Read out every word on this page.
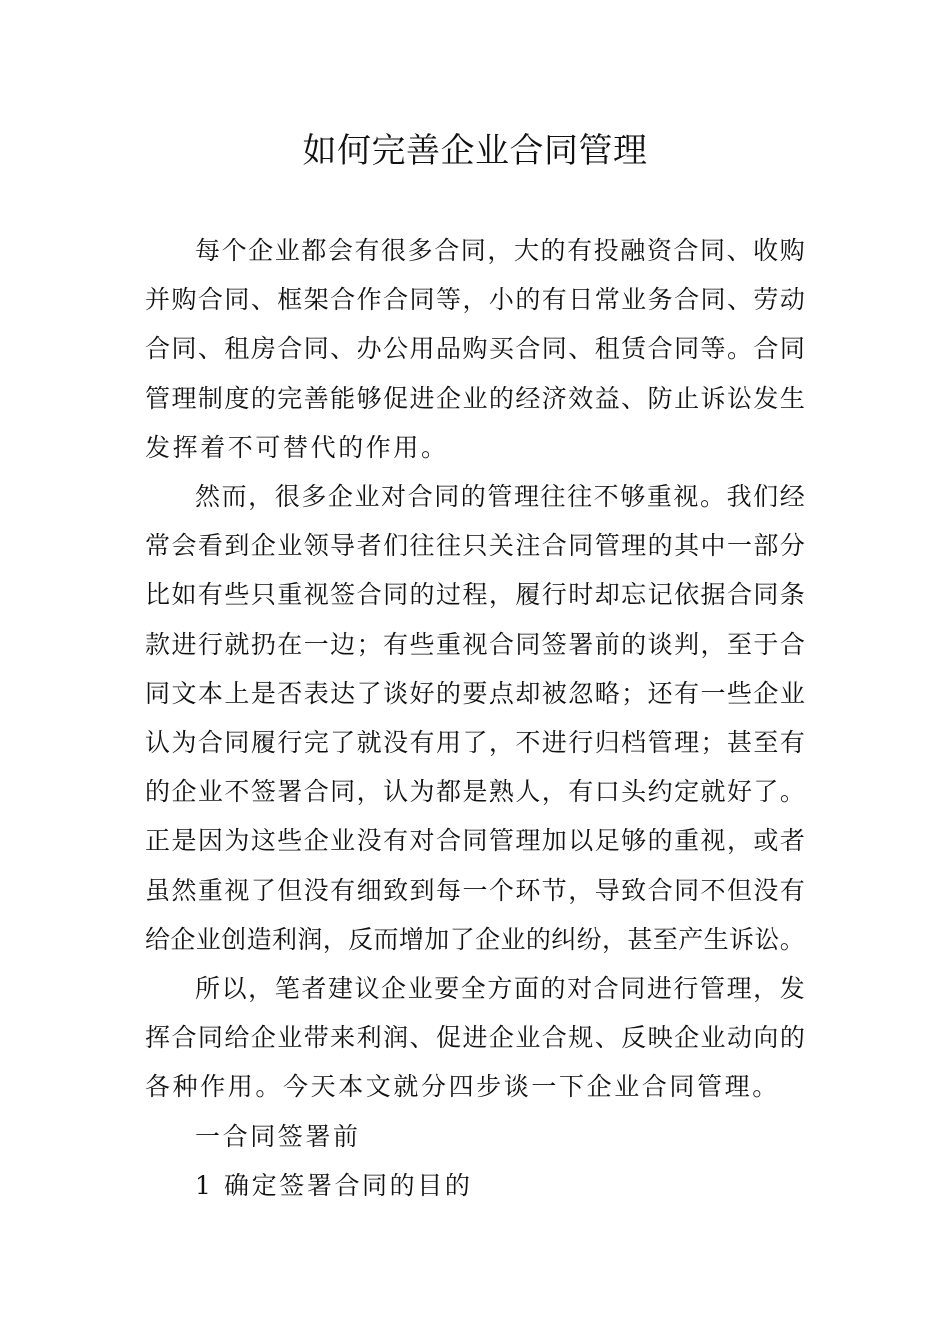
如何完善企业合同管理
每 个 企 业 都 会 有 很 多 合 同 ， 大 的 有 投 融 资 合 同 、 收 购
并 购 合 同 、 框 架 合 作 合 同 等 ， 小 的 有 日 常 业 务 合 同 、 劳 动
合 同 、 租 房 合 同 、 办 公 用 品 购 买 合 同 、 租 赁 合 同 等 。 合 同
管 理 制 度 的 完 善 能 够 促 进 企 业 的 经 济 效 益 、 防 止 诉 讼 发 生
发挥着不可替代的作用。
然 而 ， 很 多 企 业 对 合 同 的 管 理 往 往 不 够 重 视 。 我 们 经
常 会 看 到 企 业 领 导 者 们 往 往 只 关 注 合 同 管 理 的 其 中 一 部 分
比 如 有 些 只 重 视 签 合 同 的 过 程 ， 履 行 时 却 忘 记 依 据 合 同 条
款 进 行 就 扔 在 一 边 ； 有 些 重 视 合 同 签 署 前 的 谈 判 ， 至 于 合
同 文 本 上 是 否 表 达 了 谈 好 的 要 点 却 被 忽 略 ； 还 有 一 些 企 业
认 为 合 同 履 行 完 了 就 没 有 用 了 ， 不 进 行 归 档 管 理 ； 甚 至 有
的 企 业 不 签 署 合 同 ， 认 为 都 是 熟 人 ， 有 口 头 约 定 就 好 了 。
正 是 因 为 这 些 企 业 没 有 对 合 同 管 理 加 以 足 够 的 重 视 ， 或 者
虽 然 重 视 了 但 没 有 细 致 到 每 一 个 环 节 ， 导 致 合 同 不 但 没 有
给 企 业 创 造 利 润 ， 反 而 增 加 了 企 业 的 纠 纷 ， 甚 至 产 生 诉 讼 。
所 以 ， 笔 者 建 议 企 业 要 全 方 面 的 对 合 同 进 行 管 理 ， 发
挥 合 同 给 企 业 带 来 利 润 、 促 进 企 业 合 规 、 反 映 企 业 动 向 的
各种作用。今天本文就分四步谈一下企业合同管理。
一合同签署前
1 确定签署合同的目的
